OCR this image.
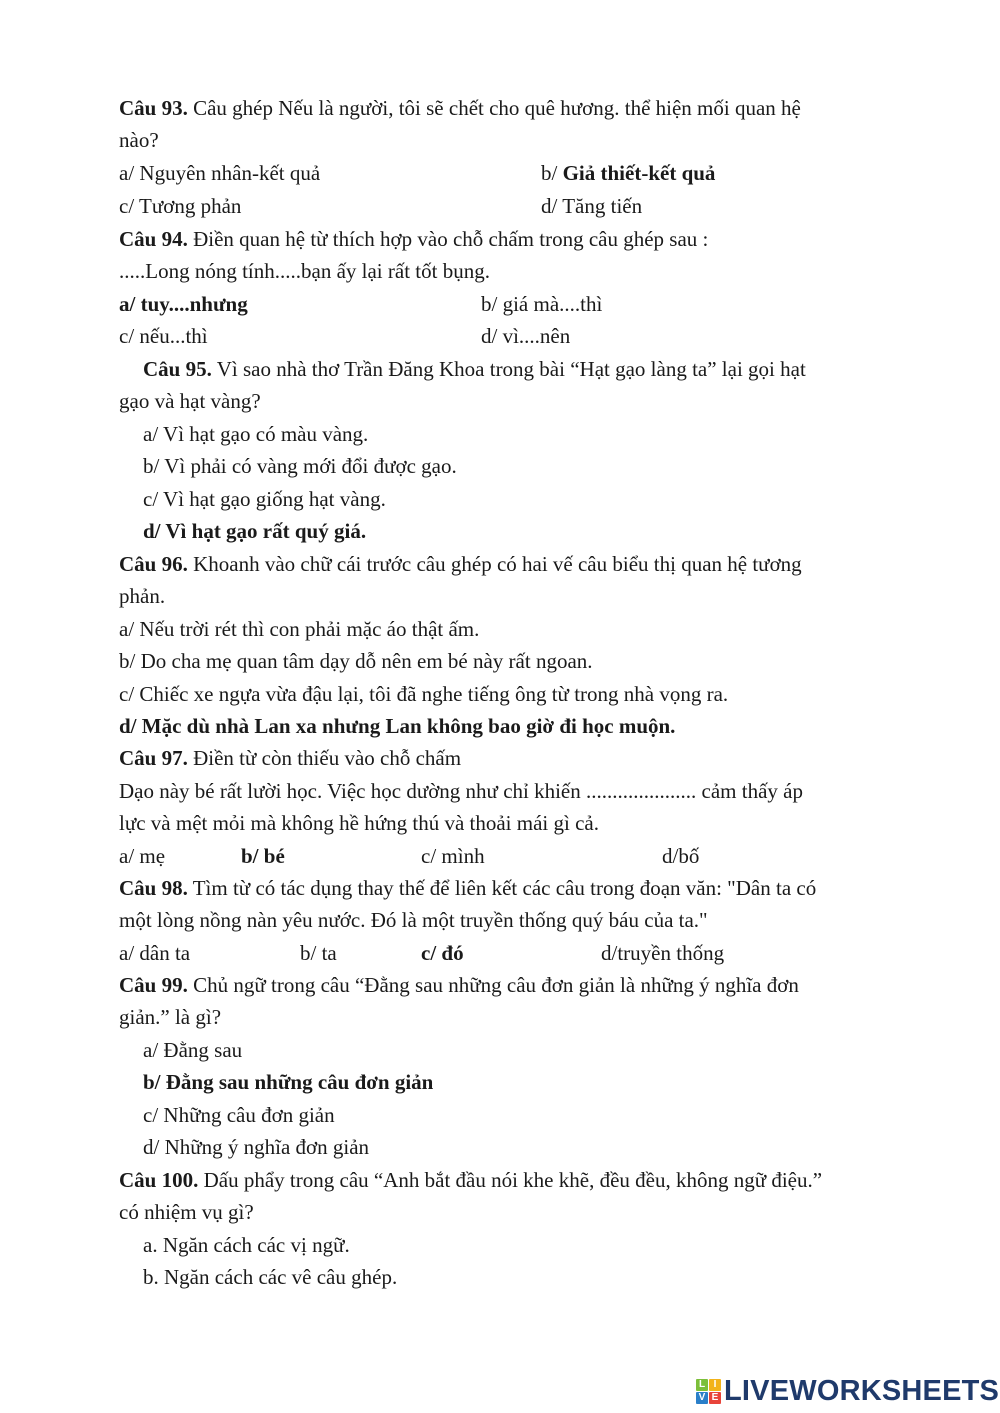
Câu 93. Câu ghép Nếu là người, tôi sẽ chết cho quê hương. thể hiện mối quan hệ
nào?
a/ Nguyên nhân-kết quả	b/ Giả thiết-kết quả
c/ Tương phản	d/ Tăng tiến
Câu 94. Điền quan hệ từ thích hợp vào chỗ chấm trong câu ghép sau :
.....Long nóng tính.....bạn ấy lại rất tốt bụng.
a/ tuy....nhưng	b/ giá mà....thì
c/ nếu...thì	d/ vì....nên
Câu 95. Vì sao nhà thơ Trần Đăng Khoa trong bài “Hạt gạo làng ta” lại gọi hạt
gạo và hạt vàng?
a/ Vì hạt gạo có màu vàng.
b/ Vì phải có vàng mới đổi được gạo.
c/ Vì hạt gạo giống hạt vàng.
d/ Vì hạt gạo rất quý giá.
Câu 96. Khoanh vào chữ cái trước câu ghép có hai vế câu biểu thị quan hệ tương
phản.
a/ Nếu trời rét thì con phải mặc áo thật ấm.
b/ Do cha mẹ quan tâm dạy dỗ nên em bé này rất ngoan.
c/ Chiếc xe ngựa vừa đậu lại, tôi đã nghe tiếng ông từ trong nhà vọng ra.
d/ Mặc dù nhà Lan xa nhưng Lan không bao giờ đi học muộn.
Câu 97. Điền từ còn thiếu vào chỗ chấm
Dạo này bé rất lười học. Việc học dường như chỉ khiến ..................... cảm thấy áp
lực và mệt mỏi mà không hề hứng thú và thoải mái gì cả.
a/ mẹ	b/ bé	c/ mình	d/bố
Câu 98. Tìm từ có tác dụng thay thế để liên kết các câu trong đoạn văn: "Dân ta có
một lòng nồng nàn yêu nước. Đó là một truyền thống quý báu của ta."
a/ dân ta	b/ ta	c/ đó	d/truyền thống
Câu 99. Chủ ngữ trong câu “Đằng sau những câu đơn giản là những ý nghĩa đơn
giản.” là gì?
a/ Đằng sau
b/ Đằng sau những câu đơn giản
c/ Những câu đơn giản
d/ Những ý nghĩa đơn giản
Câu 100. Dấu phẩy trong câu “Anh bắt đầu nói khe khẽ, đều đều, không ngữ điệu.”
có nhiệm vụ gì?
a. Ngăn cách các vị ngữ.
b. Ngăn cách các vê câu ghép.
L I
V E LIVEWORKSHEETS
